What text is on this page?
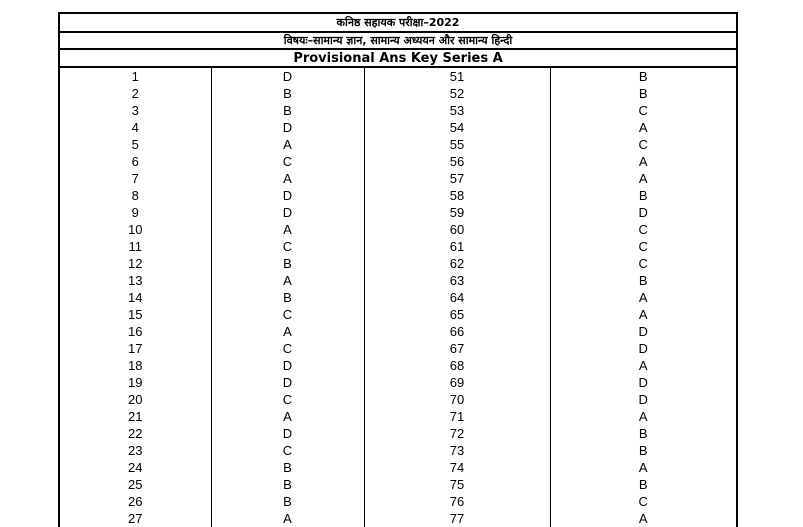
कनिष्ठ सहायक परीक्षा–2022
विषयः–सामान्य ज्ञान, सामान्य अध्ययन और सामान्य हिन्दी
Provisional Ans Key Series A
1	D	51	B
2	B	52	B
3	B	53	C
4	D	54	A
5	A	55	C
6	C	56	A
7	A	57	A
8	D	58	B
9	D	59	D
10	A	60	C
11	C	61	C
12	B	62	C
13	A	63	B
14	B	64	A
15	C	65	A
16	A	66	D
17	C	67	D
18	D	68	A
19	D	69	D
20	C	70	D
21	A	71	A
22	D	72	B
23	C	73	B
24	B	74	A
25	B	75	B
26	B	76	C
27	A	77	A
